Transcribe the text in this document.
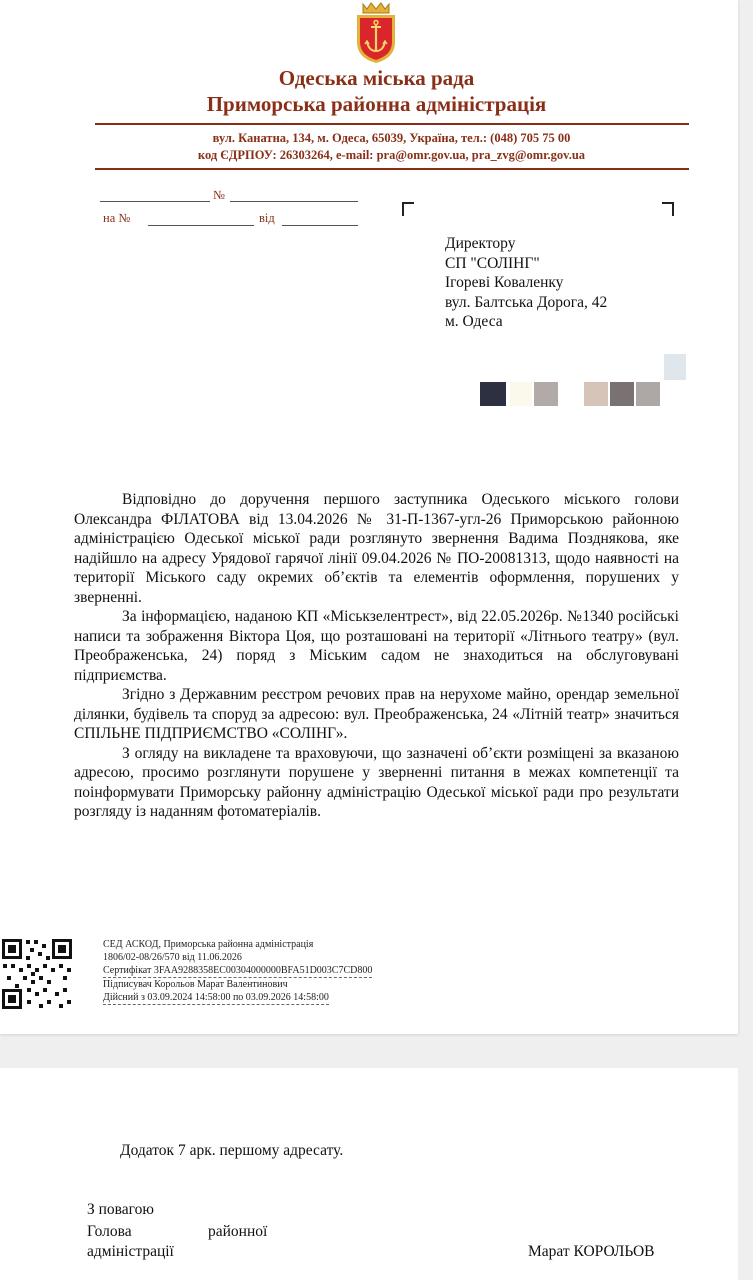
Одеська міська рада
Приморська районна адміністрація
вул. Канатна, 134, м. Одеса, 65039, Україна, тел.: (048) 705 75 00
код ЄДРПОУ: 26303264, e-mail: pra@omr.gov.ua, pra_zvg@omr.gov.ua
№
на №	від
Директору
СП "СОЛІНГ"
Ігореві Коваленку
вул. Балтська Дорога, 42
м. Одеса

Відповідно до доручення першого заступника Одеського міського голови Олександра ФІЛАТОВА від 13.04.2026 № 31-П-1367-угл-26 Приморською районною адміністрацією Одеської міської ради розглянуто звернення Вадима Позднякова, яке надійшло на адресу Урядової гарячої лінії 09.04.2026 № ПО-20081313, щодо наявності на території Міського саду окремих об’єктів та елементів оформлення, порушених у зверненні.

За інформацією, наданою КП «Міськзелентрест», від 22.05.2026р. №1340 російські написи та зображення Віктора Цоя, що розташовані на території «Літнього театру» (вул. Преображенська, 24) поряд з Міським садом не знаходиться на обслуговувані підприємства.

Згідно з Державним реєстром речових прав на нерухоме майно, орендар земельної ділянки, будівель та споруд за адресою: вул. Преображенська, 24 «Літній театр» значиться СПІЛЬНЕ ПІДПРИЄМСТВО «СОЛІНГ».

З огляду на викладене та враховуючи, що зазначені об’єкти розміщені за вказаною адресою, просимо розглянути порушене у зверненні питання в межах компетенції та поінформувати Приморську районну адміністрацію Одеської міської ради про результати розгляду із наданням фотоматеріалів.

СЕД АСКОД, Приморська районна адміністрація
1806/02-08/26/570 від 11.06.2026
Сертифікат 3FAA9288358EC00304000000BFA51D003C7CD800
Підписувач Корольов Марат Валентинович
Дійсний з 03.09.2024 14:58:00 по 03.09.2026 14:58:00
Додаток 7 арк. першому адресату.
З повагою
Голова	районної
адміністрації	Марат КОРОЛЬОВ
